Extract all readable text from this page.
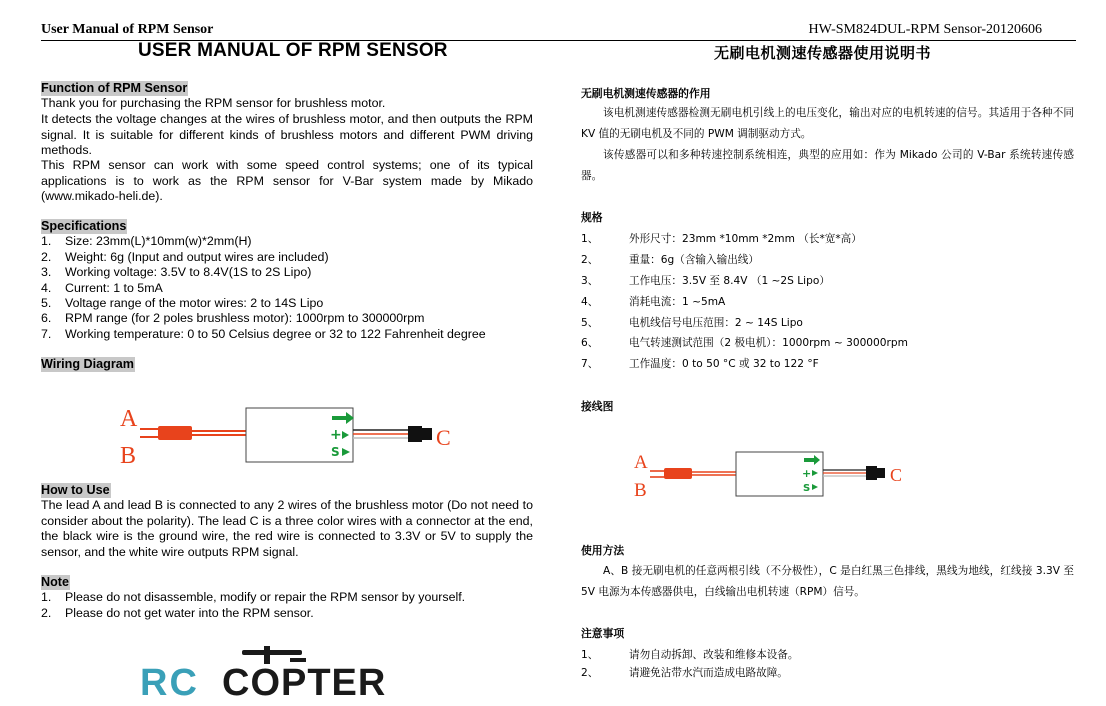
User Manual of RPM Sensor	HW-SM824DUL-RPM Sensor-20120606
USER MANUAL OF RPM SENSOR	无刷电机测速传感器使用说明书
Function of RPM Sensor
Thank you for purchasing the RPM sensor for brushless motor.
It detects the voltage changes at the wires of brushless motor, and then outputs the RPM signal. It is suitable for different kinds of brushless motors and different PWM driving methods.
This RPM sensor can work with some speed control systems; one of its typical applications is to work as the RPM sensor for V-Bar system made by Mikado (www.mikado-heli.de).
Specifications
1. Size: 23mm(L)*10mm(w)*2mm(H)
2. Weight: 6g (Input and output wires are included)
3. Working voltage: 3.5V to 8.4V(1S to 2S Lipo)
4. Current: 1 to 5mA
5. Voltage range of the motor wires: 2 to 14S Lipo
6. RPM range (for 2 poles brushless motor): 1000rpm to 300000rpm
7. Working temperature: 0 to 50 Celsius degree or 32 to 122 Fahrenheit degree
Wiring Diagram
A
B
+
S
C
How to Use
The lead A and lead B is connected to any 2 wires of the brushless motor (Do not need to consider about the polarity). The lead C is a three color wires with a connector at the end, the black wire is the ground wire, the red wire is connected to 3.3V or 5V to supply the sensor, and the white wire outputs RPM signal.
Note
1. Please do not disassemble, modify or repair the RPM sensor by yourself.
2. Please do not get water into the RPM sensor.
无刷电机测速传感器的作用
该电机测速传感器检测无刷电机引线上的电压变化，输出对应的电机转速的信号。其适用于各种不同 KV 值的无刷电机及不同的 PWM 调制驱动方式。
该传感器可以和多种转速控制系统相连，典型的应用如：作为 Mikado 公司的 V-Bar 系统转速传感器。
规格
1、	外形尺寸：23mm *10mm *2mm （长*宽*高）
2、	重量：6g（含输入输出线）
3、	工作电压：3.5V 至 8.4V （1 ~2S Lipo）
4、	消耗电流：1 ~5mA
5、	电机线信号电压范围：2 ~ 14S Lipo
6、	电气转速测试范围（2 极电机）：1000rpm ~ 300000rpm
7、	工作温度：0 to 50 °C 或 32 to 122 °F
接线图
A
B
+
S
C
使用方法
A、B 接无刷电机的任意两根引线（不分极性），C 是白红黑三色排线，黑线为地线，红线接 3.3V 至 5V 电源为本传感器供电，白线输出电机转速（RPM）信号。
注意事项
1、	请勿自动拆卸、改装和维修本设备。
2、	请避免沾带水汽而造成电路故障。
RC COPTER
